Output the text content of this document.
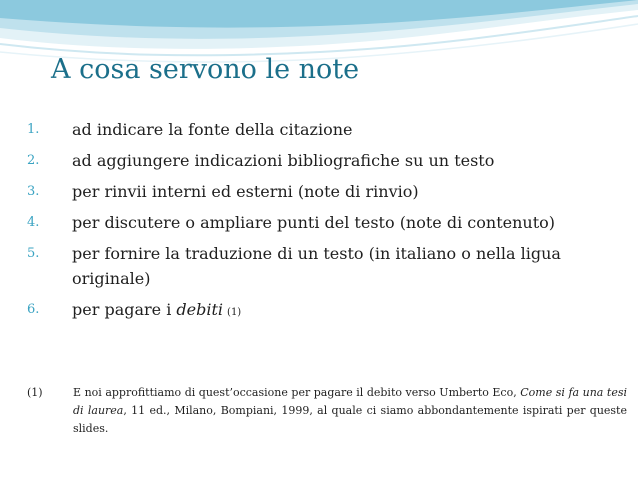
A cosa servono le note
1. ad indicare la fonte della citazione
2. ad aggiungere indicazioni bibliografiche su un testo
3. per rinvii interni ed esterni (note di rinvio)
4. per discutere o ampliare punti del testo (note di contenuto)
5. per fornire la traduzione di un testo (in italiano o nella ligua originale)
6. per pagare i debiti (1)
(1)	E noi approfittiamo di quest’occasione per pagare il debito verso Umberto Eco, Come si fa una tesi di laurea, 11 ed., Milano, Bompiani, 1999, al quale ci siamo abbondantemente ispirati per queste slides.
